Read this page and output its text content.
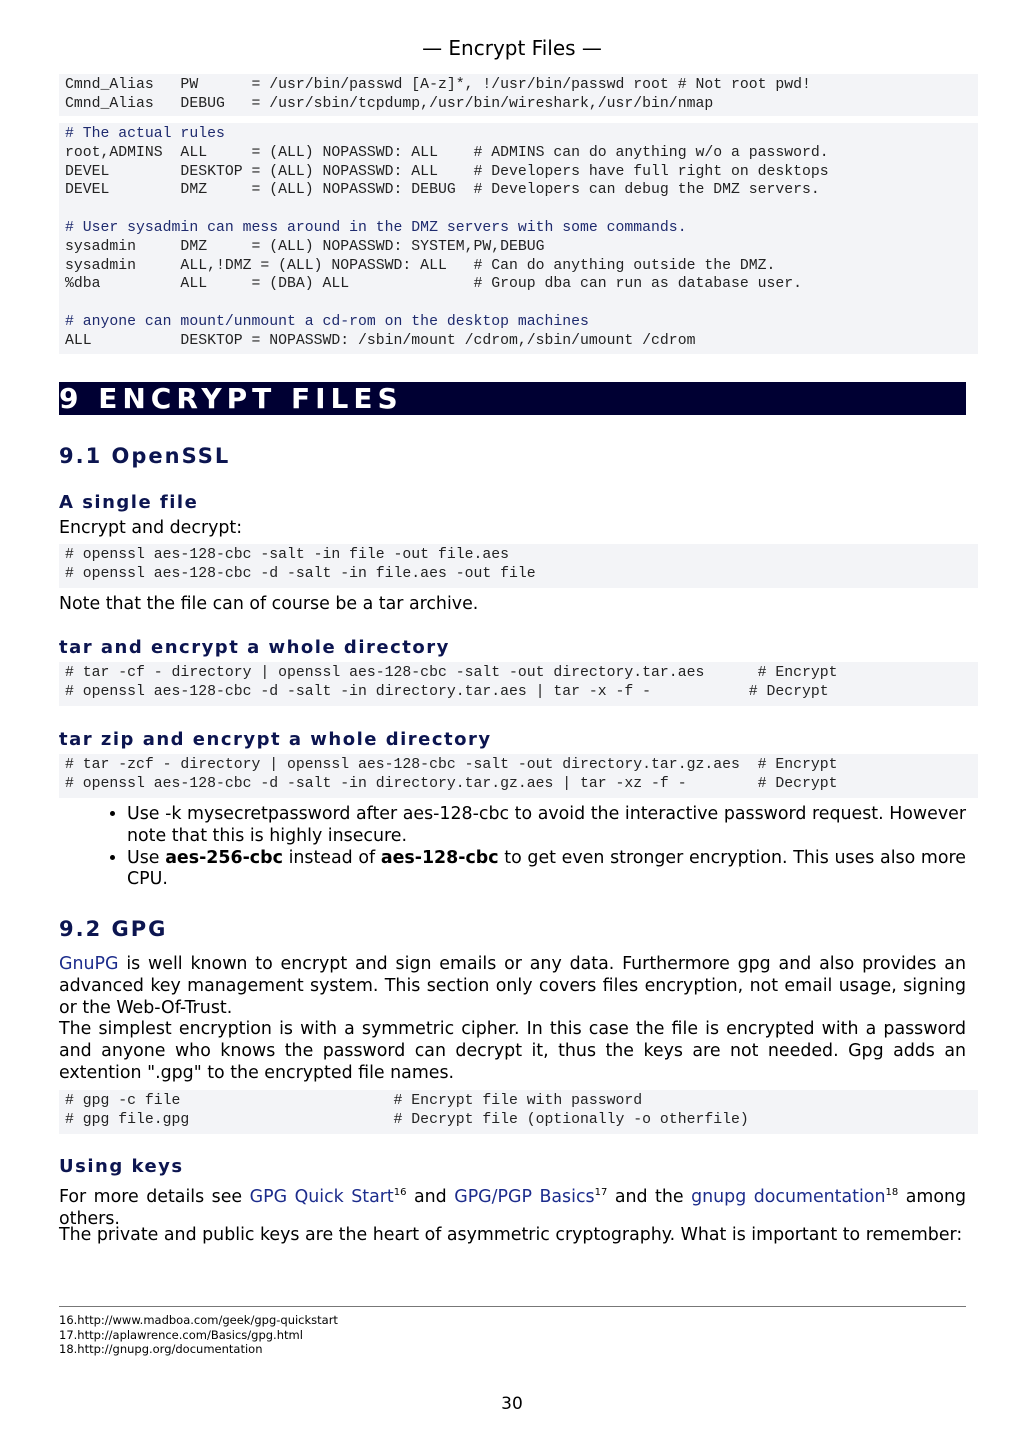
— Encrypt Files —
Cmnd_Alias   PW      = /usr/bin/passwd [A-z]*, !/usr/bin/passwd root # Not root pwd!
Cmnd_Alias   DEBUG   = /usr/sbin/tcpdump,/usr/bin/wireshark,/usr/bin/nmap
# The actual rules
root,ADMINS  ALL     = (ALL) NOPASSWD: ALL    # ADMINS can do anything w/o a password.
DEVEL        DESKTOP = (ALL) NOPASSWD: ALL    # Developers have full right on desktops
DEVEL        DMZ     = (ALL) NOPASSWD: DEBUG  # Developers can debug the DMZ servers.

# User sysadmin can mess around in the DMZ servers with some commands.
sysadmin     DMZ     = (ALL) NOPASSWD: SYSTEM,PW,DEBUG
sysadmin     ALL,!DMZ = (ALL) NOPASSWD: ALL   # Can do anything outside the DMZ.
%dba         ALL     = (DBA) ALL              # Group dba can run as database user.

# anyone can mount/unmount a cd-rom on the desktop machines
ALL          DESKTOP = NOPASSWD: /sbin/mount /cdrom,/sbin/umount /cdrom
9 ENCRYPT FILES
9.1 OpenSSL
A single file
Encrypt and decrypt:
# openssl aes-128-cbc -salt -in file -out file.aes
# openssl aes-128-cbc -d -salt -in file.aes -out file
Note that the file can of course be a tar archive.
tar and encrypt a whole directory
# tar -cf - directory | openssl aes-128-cbc -salt -out directory.tar.aes      # Encrypt
# openssl aes-128-cbc -d -salt -in directory.tar.aes | tar -x -f -           # Decrypt
tar zip and encrypt a whole directory
# tar -zcf - directory | openssl aes-128-cbc -salt -out directory.tar.gz.aes  # Encrypt
# openssl aes-128-cbc -d -salt -in directory.tar.gz.aes | tar -xz -f -        # Decrypt
• Use -k mysecretpassword after aes-128-cbc to avoid the interactive password request. However note that this is highly insecure.
• Use aes-256-cbc instead of aes-128-cbc to get even stronger encryption. This uses also more CPU.
9.2 GPG
GnuPG is well known to encrypt and sign emails or any data. Furthermore gpg and also provides an advanced key management system. This section only covers files encryption, not email usage, signing or the Web-Of-Trust.
The simplest encryption is with a symmetric cipher. In this case the file is encrypted with a password and anyone who knows the password can decrypt it, thus the keys are not needed. Gpg adds an extention ".gpg" to the encrypted file names.
# gpg -c file                        # Encrypt file with password
# gpg file.gpg                       # Decrypt file (optionally -o otherfile)
Using keys
For more details see GPG Quick Start$^{16}$ and GPG/PGP Basics$^{17}$ and the gnupg documentation$^{18}$ among others.
The private and public keys are the heart of asymmetric cryptography. What is important to remember:
16.http://www.madboa.com/geek/gpg-quickstart
17.http://aplawrence.com/Basics/gpg.html
18.http://gnupg.org/documentation
30
